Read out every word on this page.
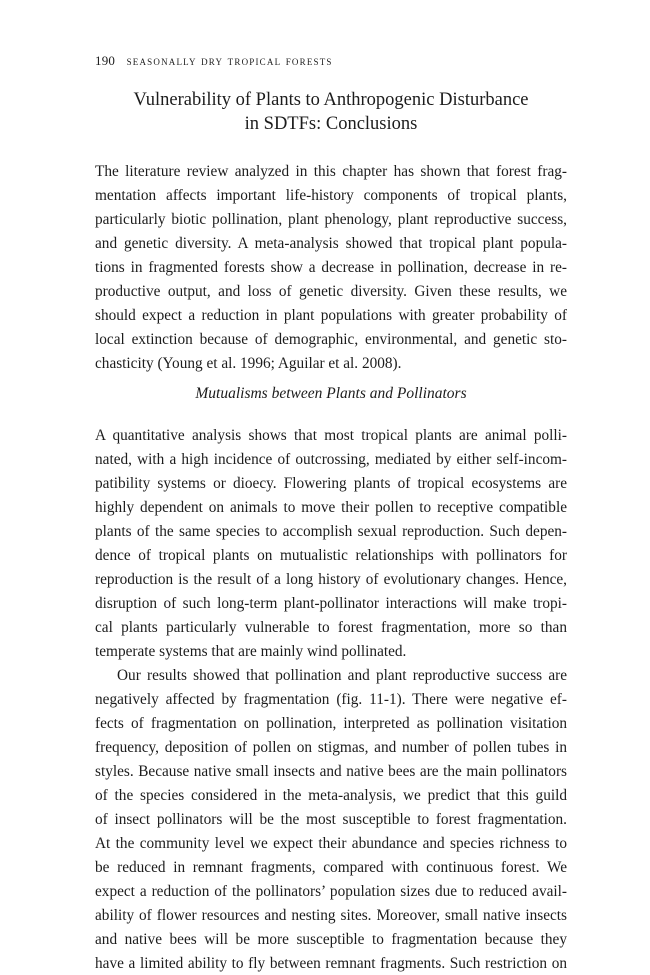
190 seasonally dry tropical forests
Vulnerability of Plants to Anthropogenic Disturbance
in SDTFs: Conclusions
The literature review analyzed in this chapter has shown that forest frag-
mentation affects important life-history components of tropical plants,
particularly biotic pollination, plant phenology, plant reproductive success,
and genetic diversity. A meta-analysis showed that tropical plant popula-
tions in fragmented forests show a decrease in pollination, decrease in re-
productive output, and loss of genetic diversity. Given these results, we
should expect a reduction in plant populations with greater probability of
local extinction because of demographic, environmental, and genetic sto-
chasticity (Young et al. 1996; Aguilar et al. 2008).
Mutualisms between Plants and Pollinators
A quantitative analysis shows that most tropical plants are animal polli-
nated, with a high incidence of outcrossing, mediated by either self-incom-
patibility systems or dioecy. Flowering plants of tropical ecosystems are
highly dependent on animals to move their pollen to receptive compatible
plants of the same species to accomplish sexual reproduction. Such depen-
dence of tropical plants on mutualistic relationships with pollinators for
reproduction is the result of a long history of evolutionary changes. Hence,
disruption of such long-term plant-pollinator interactions will make tropi-
cal plants particularly vulnerable to forest fragmentation, more so than
temperate systems that are mainly wind pollinated.
Our results showed that pollination and plant reproductive success are
negatively affected by fragmentation (fig. 11-1). There were negative ef-
fects of fragmentation on pollination, interpreted as pollination visitation
frequency, deposition of pollen on stigmas, and number of pollen tubes in
styles. Because native small insects and native bees are the main pollinators
of the species considered in the meta-analysis, we predict that this guild
of insect pollinators will be the most susceptible to forest fragmentation.
At the community level we expect their abundance and species richness to
be reduced in remnant fragments, compared with continuous forest. We
expect a reduction of the pollinators’ population sizes due to reduced avail-
ability of flower resources and nesting sites. Moreover, small native insects
and native bees will be more susceptible to fragmentation because they
have a limited ability to fly between remnant fragments. Such restriction on
